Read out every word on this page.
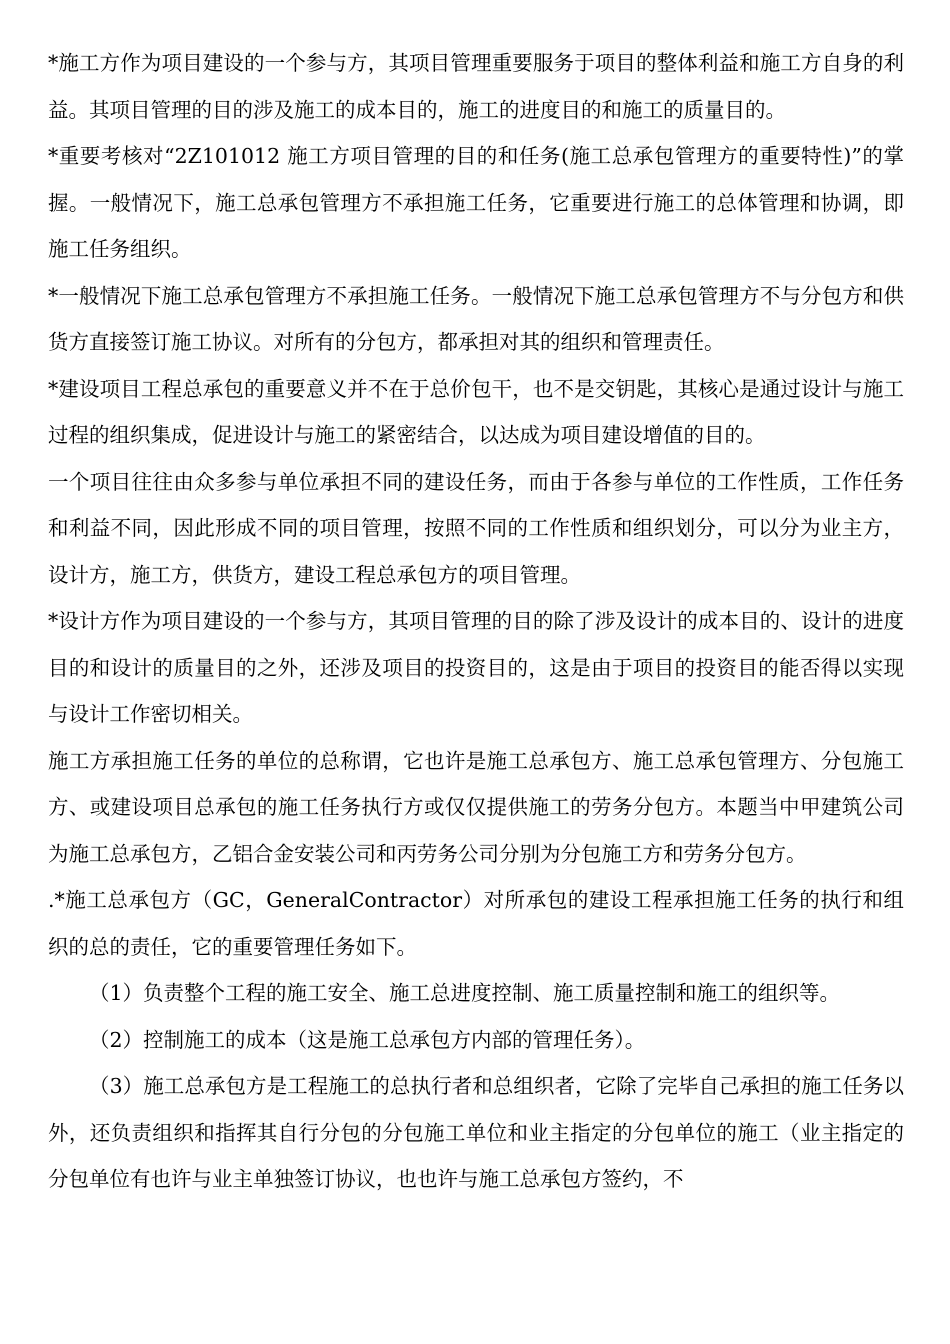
*施工方作为项目建设的一个参与方，其项目管理重要服务于项目的整体利益和施工方自身的利益。其项目管理的目的涉及施工的成本目的，施工的进度目的和施工的质量目的。

*重要考核对“2Z101012 施工方项目管理的目的和任务(施工总承包管理方的重要特性)”的掌握。一般情况下，施工总承包管理方不承担施工任务，它重要进行施工的总体管理和协调，即施工任务组织。

*一般情况下施工总承包管理方不承担施工任务。一般情况下施工总承包管理方不与分包方和供货方直接签订施工协议。对所有的分包方，都承担对其的组织和管理责任。

*建设项目工程总承包的重要意义并不在于总价包干，也不是交钥匙，其核心是通过设计与施工过程的组织集成，促进设计与施工的紧密结合，以达成为项目建设增值的目的。

一个项目往往由众多参与单位承担不同的建设任务，而由于各参与单位的工作性质，工作任务和利益不同，因此形成不同的项目管理，按照不同的工作性质和组织划分，可以分为业主方，设计方，施工方，供货方，建设工程总承包方的项目管理。

*设计方作为项目建设的一个参与方，其项目管理的目的除了涉及设计的成本目的、设计的进度目的和设计的质量目的之外，还涉及项目的投资目的，这是由于项目的投资目的能否得以实现与设计工作密切相关。

施工方承担施工任务的单位的总称谓，它也许是施工总承包方、施工总承包管理方、分包施工方、或建设项目总承包的施工任务执行方或仅仅提供施工的劳务分包方。本题当中甲建筑公司为施工总承包方，乙铝合金安装公司和丙劳务公司分别为分包施工方和劳务分包方。

.*施工总承包方（GC，GeneralContractor）对所承包的建设工程承担施工任务的执行和组织的总的责任，它的重要管理任务如下。

（1）负责整个工程的施工安全、施工总进度控制、施工质量控制和施工的组织等。

（2）控制施工的成本（这是施工总承包方内部的管理任务）。

（3）施工总承包方是工程施工的总执行者和总组织者，它除了完毕自己承担的施工任务以外，还负责组织和指挥其自行分包的分包施工单位和业主指定的分包单位的施工（业主指定的分包单位有也许与业主单独签订协议，也也许与施工总承包方签约，不
